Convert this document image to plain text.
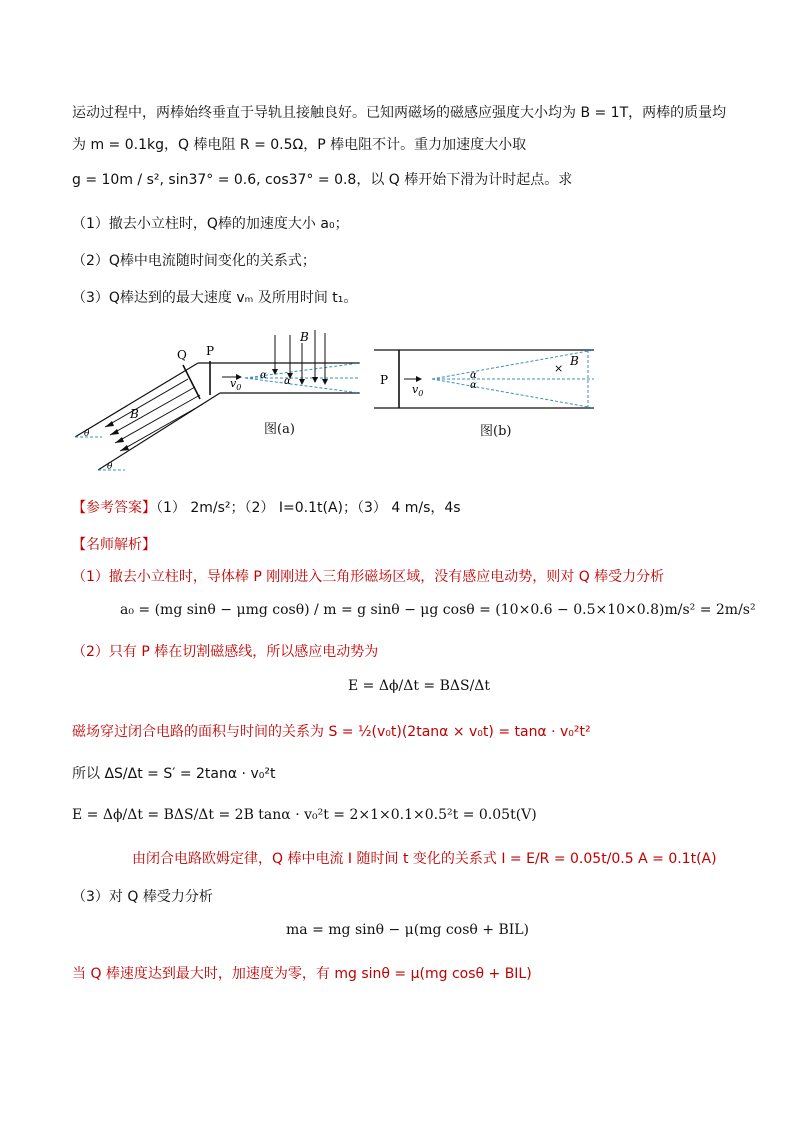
运动过程中，两棒始终垂直于导轨且接触良好。已知两磁场的磁感应强度大小均为 B = 1T，两棒的质量均
为 m = 0.1kg，Q 棒电阻 R = 0.5Ω，P 棒电阻不计。重力加速度大小取
g = 10m / s², sin37° = 0.6, cos37° = 0.8，以 Q 棒开始下滑为计时起点。求
（1）撤去小立柱时，Q棒的加速度大小 a₀；
（2）Q棒中电流随时间变化的关系式；
（3）Q棒达到的最大速度 vₘ 及所用时间 t₁。
θ
θ
$v_0$
B
α
α
Q P
B
图(a)
$v_0$
P	α
α
×
B
图(b)
【参考答案】（1） 2m/s²；（2） I=0.1t(A)；（3） 4 m/s，4s
【名师解析】
（1）撤去小立柱时，导体棒 P 刚刚进入三角形磁场区域，没有感应电动势，则对 Q 棒受力分析
a₀ = (mg sinθ − μmg cosθ) / m = g sinθ − μg cosθ = (10×0.6 − 0.5×10×0.8)m/s² = 2m/s²
（2）只有 P 棒在切割磁感线，所以感应电动势为
E = Δϕ/Δt = BΔS/Δt
磁场穿过闭合电路的面积与时间的关系为 S = ½(v₀t)(2tanα × v₀t) = tanα · v₀²t²
所以 ΔS/Δt = S′ = 2tanα · v₀²t
E = Δϕ/Δt = BΔS/Δt = 2B tanα · v₀²t = 2×1×0.1×0.5²t = 0.05t(V)
由闭合电路欧姆定律，Q 棒中电流 I 随时间 t 变化的关系式 I = E/R = 0.05t/0.5 A = 0.1t(A)
（3）对 Q 棒受力分析
ma = mg sinθ − μ(mg cosθ + BIL)
当 Q 棒速度达到最大时，加速度为零，有 mg sinθ = μ(mg cosθ + BIL)
